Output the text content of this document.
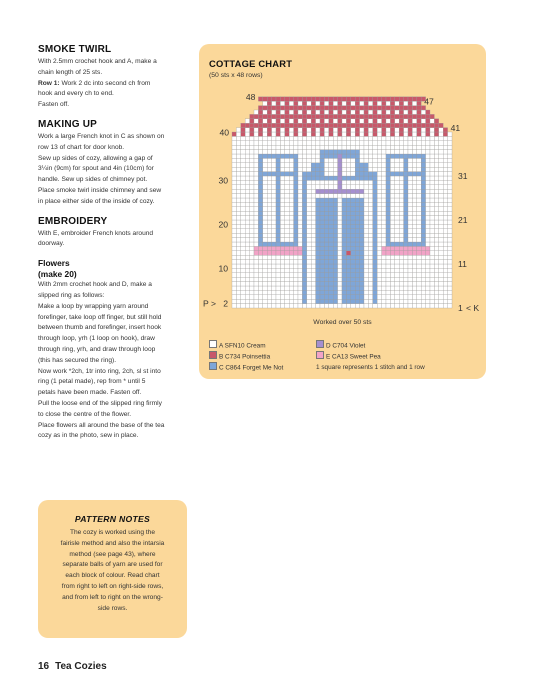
SMOKE TWIRL
With 2.5mm crochet hook and A, make a
chain length of 25 sts.
Row 1: Work 2 dc into second ch from
hook and every ch to end.
Fasten off.
MAKING UP
Work a large French knot in C as shown on
row 13 of chart for door knob.
Sew up sides of cozy, allowing a gap of
3¼in (9cm) for spout and 4in (10cm) for
handle. Sew up sides of chimney pot.
Place smoke twirl inside chimney and sew
in place either side of the inside of cozy.
EMBROIDERY
With E, embroider French knots around
doorway.
Flowers
(make 20)
With 2mm crochet hook and D, make a
slipped ring as follows:
Make a loop by wrapping yarn around
forefinger, take loop off finger, but still hold
between thumb and forefinger, insert hook
through loop, yrh (1 loop on hook), draw
through ring, yrh, and draw through loop
(this has secured the ring).
Now work *2ch, 1tr into ring, 2ch, sl st into
ring (1 petal made), rep from * until 5
petals have been made. Fasten off.
Pull the loose end of the slipped ring firmly
to close the centre of the flower.
Place flowers all around the base of the tea
cozy as in the photo, sew in place.
PATTERN NOTES
The cozy is worked using the
fairisle method and also the intarsia
method (see page 43), where
separate balls of yarn are used for
each block of colour. Read chart
from right to left on right-side rows,
and from left to right on the wrong-
side rows.
16 Tea Cozies
COTTAGE CHART
(50 sts x 48 rows)
30
20
10
2
31
21
11
1
48	47
40	41
P >	< K
Worked over 50 sts
A SFN10 Cream	D C704 Violet
B C734 Poinsettia	E CA13 Sweet Pea
C C864 Forget Me Not	1 square represents 1 stitch and 1 row
